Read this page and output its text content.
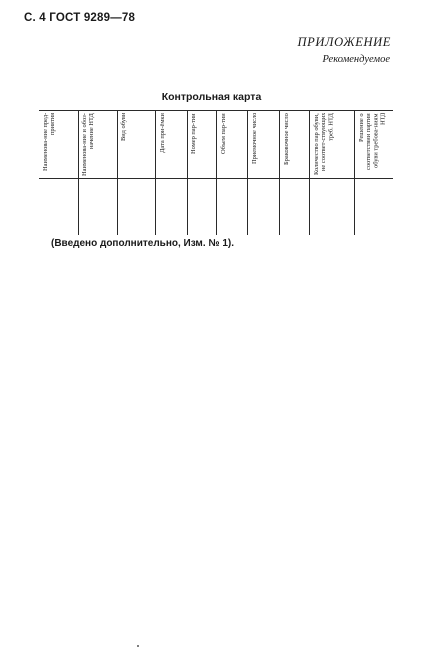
С. 4 ГОСТ 9289—78
ПРИЛОЖЕНИЕ
Рекомендуемое
Контрольная карта
Наименова-ние пред-приятия	Наименова-ние и обоз-начение НТД	Вид обуви	Дата при-ёмки	Номер пар-тии	Объем пар-тии	Приемочное число	Браковочное число	Количество пар обуви, не соответ-ствующих треб. НТД	Решение о соответствии партии обуви требова-ниям НТД
(Введено дополнительно, Изм. № 1).
